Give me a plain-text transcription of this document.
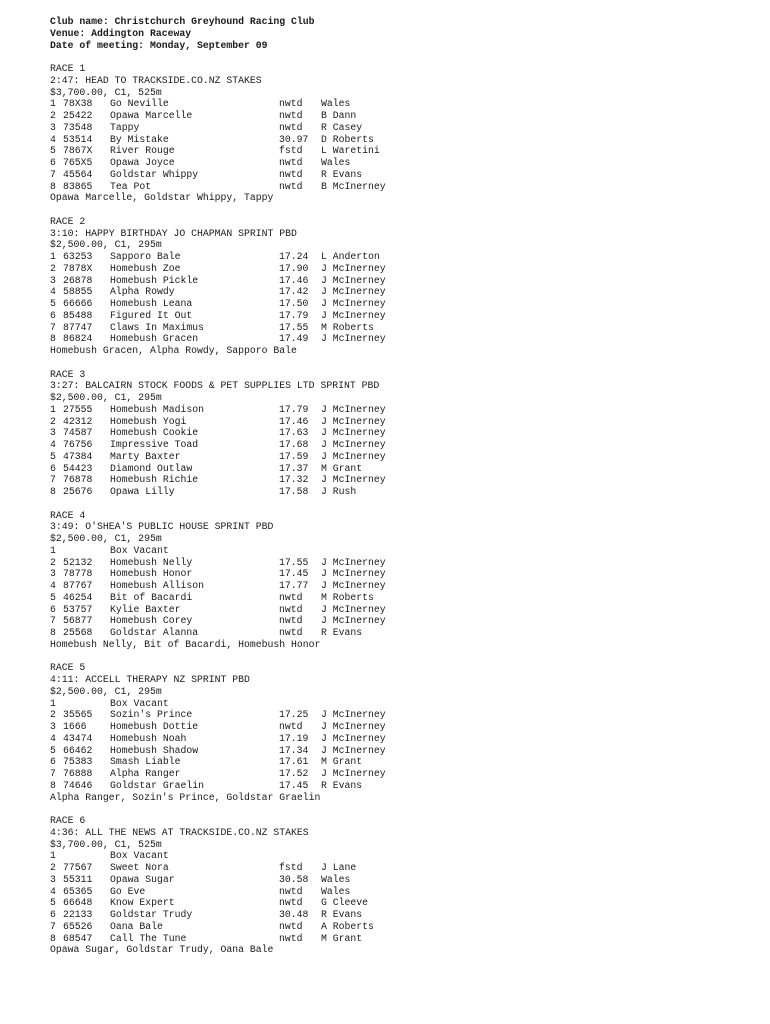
Club name: Christchurch Greyhound Racing Club
Venue: Addington Raceway
Date of meeting: Monday, September 09
RACE 1
2:47: HEAD TO TRACKSIDE.CO.NZ STAKES
$3,700.00, C1, 525m
1 78X38 Go Neville	nwtd Wales
2 25422 Opawa Marcelle	nwtd B Dann
3 73548 Tappy	nwtd R Casey
4 53514 By Mistake	30.97 D Roberts
5 7867X River Rouge	fstd L Waretini
6 765X5 Opawa Joyce	nwtd Wales
7 45564 Goldstar Whippy	nwtd R Evans
8 83865 Tea Pot	nwtd B McInerney
Opawa Marcelle, Goldstar Whippy, Tappy
RACE 2
3:10: HAPPY BIRTHDAY JO CHAPMAN SPRINT PBD
$2,500.00, C1, 295m
1 63253 Sapporo Bale	17.24 L Anderton
2 7878X Homebush Zoe	17.90 J McInerney
3 26878 Homebush Pickle	17.46 J McInerney
4 58855 Alpha Rowdy	17.42 J McInerney
5 66666 Homebush Leana	17.50 J McInerney
6 85488 Figured It Out	17.79 J McInerney
7 87747 Claws In Maximus	17.55 M Roberts
8 86824 Homebush Gracen	17.49 J McInerney
Homebush Gracen, Alpha Rowdy, Sapporo Bale
RACE 3
3:27: BALCAIRN STOCK FOODS & PET SUPPLIES LTD SPRINT PBD
$2,500.00, C1, 295m
1 27555 Homebush Madison	17.79 J McInerney
2 42312 Homebush Yogi	17.46 J McInerney
3 74587 Homebush Cookie	17.63 J McInerney
4 76756 Impressive Toad	17.68 J McInerney
5 47384 Marty Baxter	17.59 J McInerney
6 54423 Diamond Outlaw	17.37 M Grant
7 76878 Homebush Richie	17.32 J McInerney
8 25676 Opawa Lilly	17.58 J Rush
RACE 4
3:49: O'SHEA'S PUBLIC HOUSE SPRINT PBD
$2,500.00, C1, 295m
1	Box Vacant
2 52132 Homebush Nelly	17.55 J McInerney
3 78778 Homebush Honor	17.45 J McInerney
4 87767 Homebush Allison	17.77 J McInerney
5 46254 Bit of Bacardi	nwtd M Roberts
6 53757 Kylie Baxter	nwtd J McInerney
7 56877 Homebush Corey	nwtd J McInerney
8 25568 Goldstar Alanna	nwtd R Evans
Homebush Nelly, Bit of Bacardi, Homebush Honor
RACE 5
4:11: ACCELL THERAPY NZ SPRINT PBD
$2,500.00, C1, 295m
1	Box Vacant
2 35565 Sozin's Prince	17.25 J McInerney
3 1666 Homebush Dottie	nwtd J McInerney
4 43474 Homebush Noah	17.19 J McInerney
5 66462 Homebush Shadow	17.34 J McInerney
6 75383 Smash Liable	17.61 M Grant
7 76888 Alpha Ranger	17.52 J McInerney
8 74646 Goldstar Graelin	17.45 R Evans
Alpha Ranger, Sozin's Prince, Goldstar Graelin
RACE 6
4:36: ALL THE NEWS AT TRACKSIDE.CO.NZ STAKES
$3,700.00, C1, 525m
1	Box Vacant
2 77567 Sweet Nora	fstd J Lane
3 55311 Opawa Sugar	30.58 Wales
4 65365 Go Eve	nwtd Wales
5 66648 Know Expert	nwtd G Cleeve
6 22133 Goldstar Trudy	30.48 R Evans
7 65526 Oana Bale	nwtd A Roberts
8 68547 Call The Tune	nwtd M Grant
Opawa Sugar, Goldstar Trudy, Oana Bale
